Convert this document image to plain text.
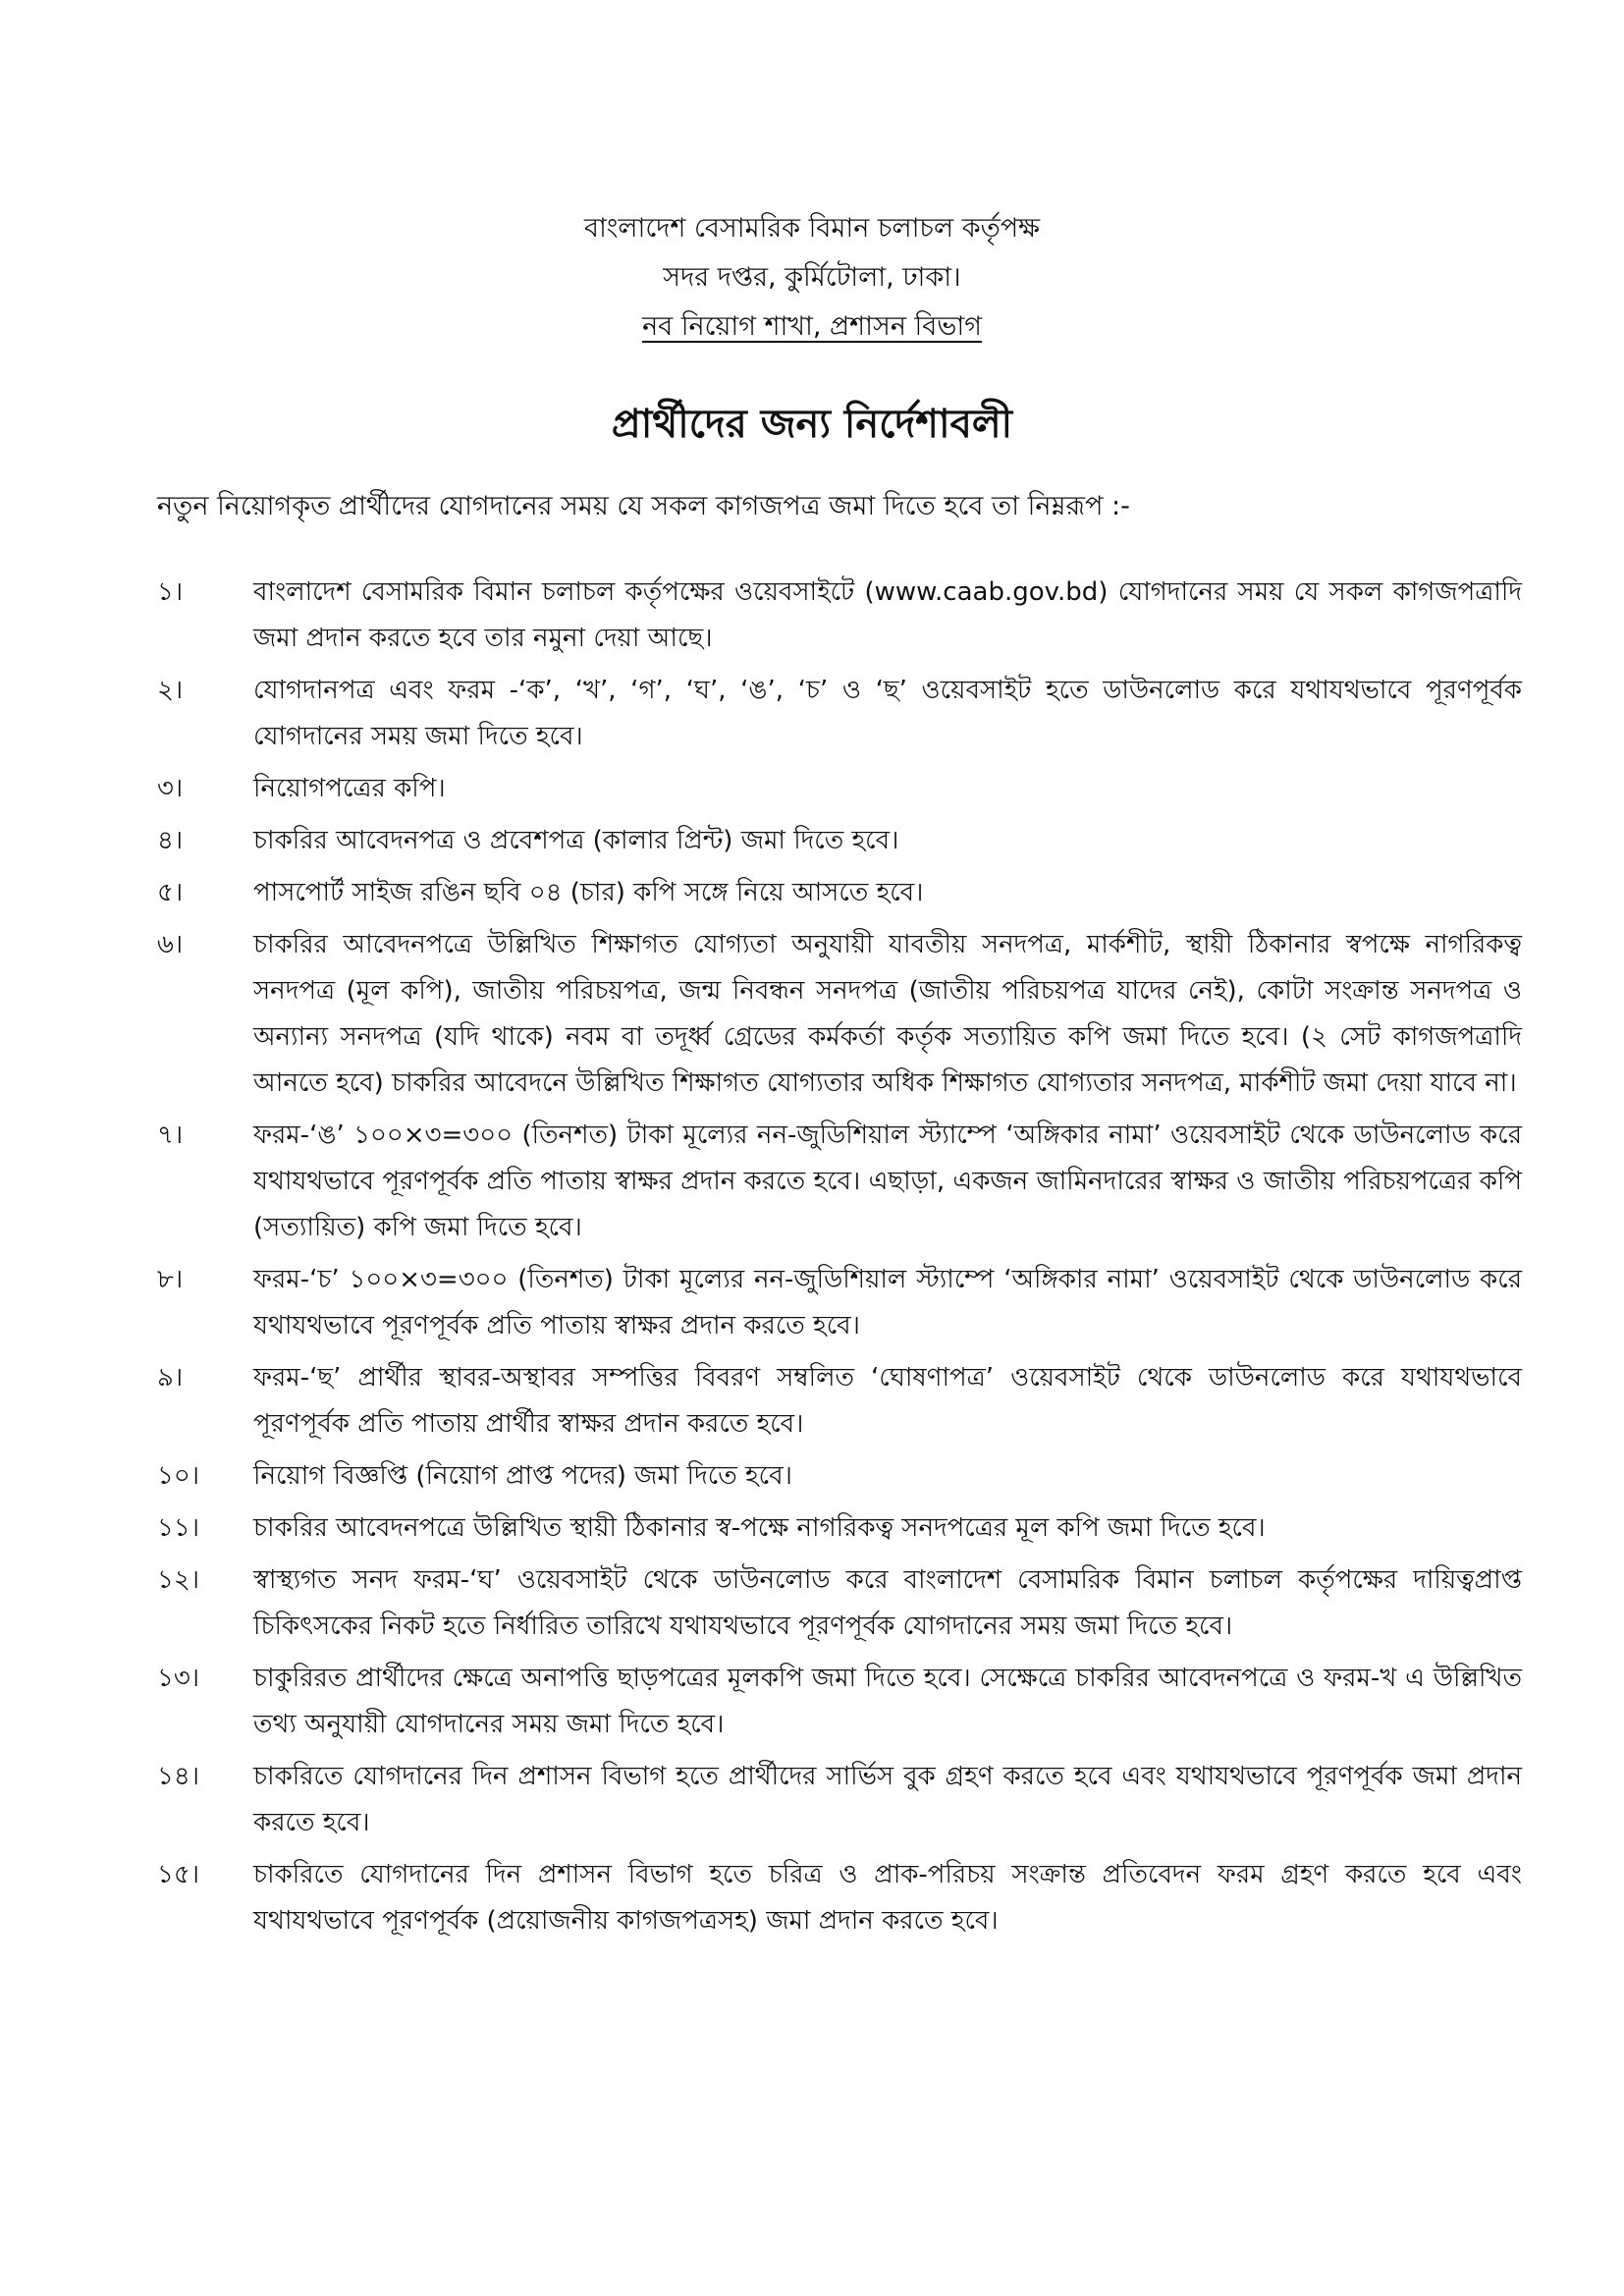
বাংলাদেশ বেসামরিক বিমান চলাচল কর্তৃপক্ষ
সদর দপ্তর, কুর্মিটোলা, ঢাকা।
নব নিয়োগ শাখা, প্রশাসন বিভাগ
প্রার্থীদের জন্য নির্দেশাবলী
নতুন নিয়োগকৃত প্রার্থীদের যোগদানের সময় যে সকল কাগজপত্র জমা দিতে হবে তা নিম্নরূপ :-
১।	বাংলাদেশ বেসামরিক বিমান চলাচল কর্তৃপক্ষের ওয়েবসাইটে (www.caab.gov.bd) যোগদানের সময় যে সকল কাগজপত্রাদি জমা প্রদান করতে হবে তার নমুনা দেয়া আছে।
২।	যোগদানপত্র এবং ফরম -‘ক’, ‘খ’, ‘গ’, ‘ঘ’, ‘ঙ’, ‘চ’ ও ‘ছ’ ওয়েবসাইট হতে ডাউনলোড করে যথাযথভাবে পূরণপূর্বক যোগদানের সময় জমা দিতে হবে।
৩।	নিয়োগপত্রের কপি।
৪।	চাকরির আবেদনপত্র ও প্রবেশপত্র (কালার প্রিন্ট) জমা দিতে হবে।
৫।	পাসপোর্ট সাইজ রঙিন ছবি ০৪ (চার) কপি সঙ্গে নিয়ে আসতে হবে।
৬।	চাকরির আবেদনপত্রে উল্লিখিত শিক্ষাগত যোগ্যতা অনুযায়ী যাবতীয় সনদপত্র, মার্কশীট, স্থায়ী ঠিকানার স্বপক্ষে নাগরিকত্ব সনদপত্র (মূল কপি), জাতীয় পরিচয়পত্র, জন্ম নিবন্ধন সনদপত্র (জাতীয় পরিচয়পত্র যাদের নেই), কোটা সংক্রান্ত সনদপত্র ও অন্যান্য সনদপত্র (যদি থাকে) নবম বা তদূর্ধ্ব গ্রেডের কর্মকর্তা কর্তৃক সত্যায়িত কপি জমা দিতে হবে। (২ সেট কাগজপত্রাদি আনতে হবে) চাকরির আবেদনে উল্লিখিত শিক্ষাগত যোগ্যতার অধিক শিক্ষাগত যোগ্যতার সনদপত্র, মার্কশীট জমা দেয়া যাবে না।
৭।	ফরম-‘ঙ’ ১০০×৩=৩০০ (তিনশত) টাকা মূল্যের নন-জুডিশিয়াল স্ট্যাম্পে ‘অঙ্গিকার নামা’ ওয়েবসাইট থেকে ডাউনলোড করে যথাযথভাবে পূরণপূর্বক প্রতি পাতায় স্বাক্ষর প্রদান করতে হবে। এছাড়া, একজন জামিনদারের স্বাক্ষর ও জাতীয় পরিচয়পত্রের কপি (সত্যায়িত) কপি জমা দিতে হবে।
৮।	ফরম-‘চ’ ১০০×৩=৩০০ (তিনশত) টাকা মূল্যের নন-জুডিশিয়াল স্ট্যাম্পে ‘অঙ্গিকার নামা’ ওয়েবসাইট থেকে ডাউনলোড করে যথাযথভাবে পূরণপূর্বক প্রতি পাতায় স্বাক্ষর প্রদান করতে হবে।
৯।	ফরম-‘ছ’ প্রার্থীর স্থাবর-অস্থাবর সম্পত্তির বিবরণ সম্বলিত ‘ঘোষণাপত্র’ ওয়েবসাইট থেকে ডাউনলোড করে যথাযথভাবে পূরণপূর্বক প্রতি পাতায় প্রার্থীর স্বাক্ষর প্রদান করতে হবে।
১০।	নিয়োগ বিজ্ঞপ্তি (নিয়োগ প্রাপ্ত পদের) জমা দিতে হবে।
১১।	চাকরির আবেদনপত্রে উল্লিখিত স্থায়ী ঠিকানার স্ব-পক্ষে নাগরিকত্ব সনদপত্রের মূল কপি জমা দিতে হবে।
১২।	স্বাস্থ্যগত সনদ ফরম-‘ঘ’ ওয়েবসাইট থেকে ডাউনলোড করে বাংলাদেশ বেসামরিক বিমান চলাচল কর্তৃপক্ষের দায়িত্বপ্রাপ্ত চিকিৎসকের নিকট হতে নির্ধারিত তারিখে যথাযথভাবে পূরণপূর্বক যোগদানের সময় জমা দিতে হবে।
১৩।	চাকুরিরত প্রার্থীদের ক্ষেত্রে অনাপত্তি ছাড়পত্রের মূলকপি জমা দিতে হবে। সেক্ষেত্রে চাকরির আবেদনপত্রে ও ফরম-খ এ উল্লিখিত তথ্য অনুযায়ী যোগদানের সময় জমা দিতে হবে।
১৪।	চাকরিতে যোগদানের দিন প্রশাসন বিভাগ হতে প্রার্থীদের সার্ভিস বুক গ্রহণ করতে হবে এবং যথাযথভাবে পূরণপূর্বক জমা প্রদান করতে হবে।
১৫।	চাকরিতে যোগদানের দিন প্রশাসন বিভাগ হতে চরিত্র ও প্রাক-পরিচয় সংক্রান্ত প্রতিবেদন ফরম গ্রহণ করতে হবে এবং যথাযথভাবে পূরণপূর্বক (প্রয়োজনীয় কাগজপত্রসহ) জমা প্রদান করতে হবে।
